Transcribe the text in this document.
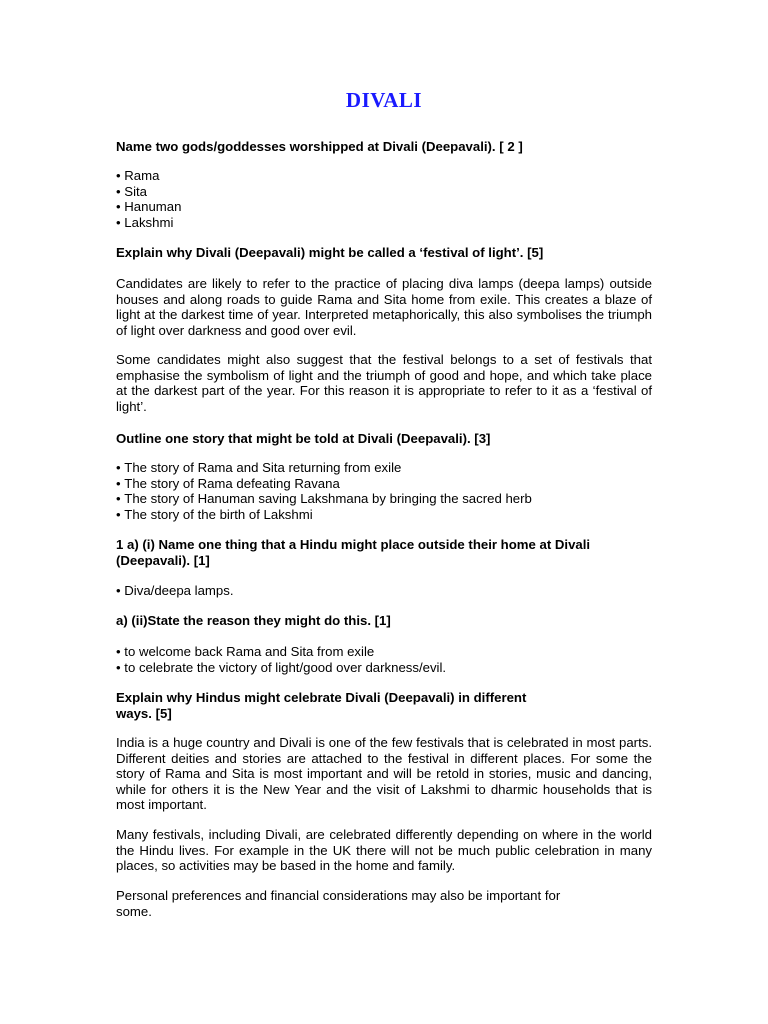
DIVALI
Name two gods/goddesses worshipped at Divali (Deepavali). [ 2 ]
• Rama
• Sita
• Hanuman
• Lakshmi
Explain why Divali (Deepavali) might be called a ‘festival of light’. [5]
Candidates are likely to refer to the practice of placing diva lamps (deepa lamps) outside houses and along roads to guide Rama and Sita home from exile. This creates a blaze of light at the darkest time of year. Interpreted metaphorically, this also symbolises the triumph of light over darkness and good over evil.
Some candidates might also suggest that the festival belongs to a set of festivals that emphasise the symbolism of light and the triumph of good and hope, and which take place at the darkest part of the year. For this reason it is appropriate to refer to it as a ‘festival of light’.
Outline one story that might be told at Divali (Deepavali). [3]
• The story of Rama and Sita returning from exile
• The story of Rama defeating Ravana
• The story of Hanuman saving Lakshmana by bringing the sacred herb
• The story of the birth of Lakshmi
1 a) (i) Name one thing that a Hindu might place outside their home at Divali
(Deepavali). [1]
• Diva/deepa lamps.
a) (ii)State the reason they might do this. [1]
• to welcome back Rama and Sita from exile
• to celebrate the victory of light/good over darkness/evil.
Explain why Hindus might celebrate Divali (Deepavali) in different
ways. [5]
India is a huge country and Divali is one of the few festivals that is celebrated in most parts. Different deities and stories are attached to the festival in different places. For some the story of Rama and Sita is most important and will be retold in stories, music and dancing, while for others it is the New Year and the visit of Lakshmi to dharmic households that is most important.
Many festivals, including Divali, are celebrated differently depending on where in the world the Hindu lives. For example in the UK there will not be much public celebration in many places, so activities may be based in the home and family.
Personal preferences and financial considerations may also be important for
some.
